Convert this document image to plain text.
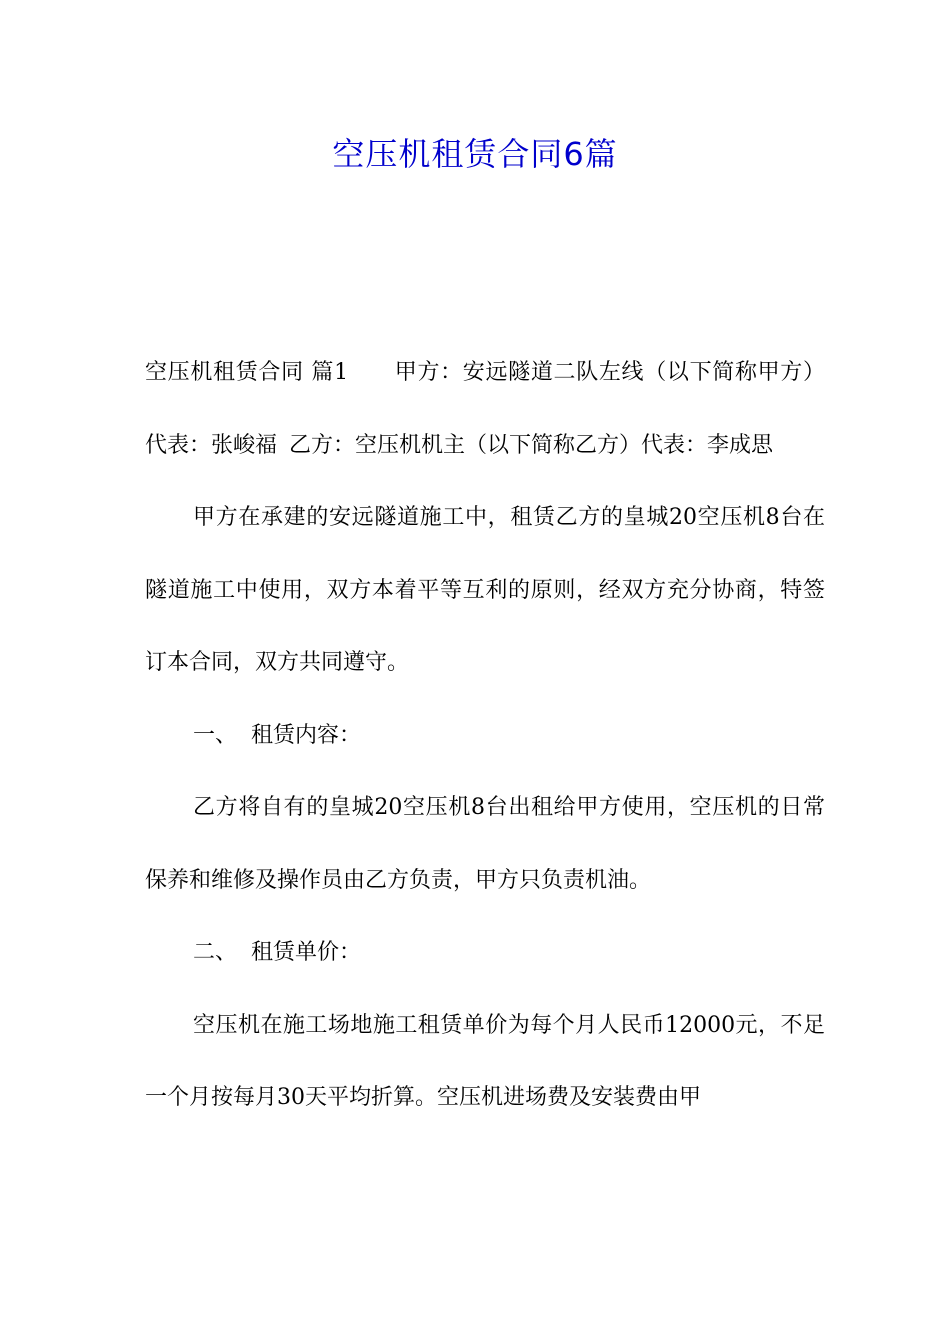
空压机租赁合同6篇

空压机租赁合同 篇1 甲方：安远隧道二队左线（以下简称甲方）代表：张峻福 乙方：空压机机主（以下简称乙方）代表：李成思

甲方在承建的安远隧道施工中，租赁乙方的皇城20空压机8台在隧道施工中使用，双方本着平等互利的原则，经双方充分协商，特签订本合同，双方共同遵守。

一、 租赁内容：

乙方将自有的皇城20空压机8台出租给甲方使用，空压机的日常保养和维修及操作员由乙方负责，甲方只负责机油。

二、 租赁单价：

空压机在施工场地施工租赁单价为每个月人民币12000元，不足一个月按每月30天平均折算。空压机进场费及安装费由甲
